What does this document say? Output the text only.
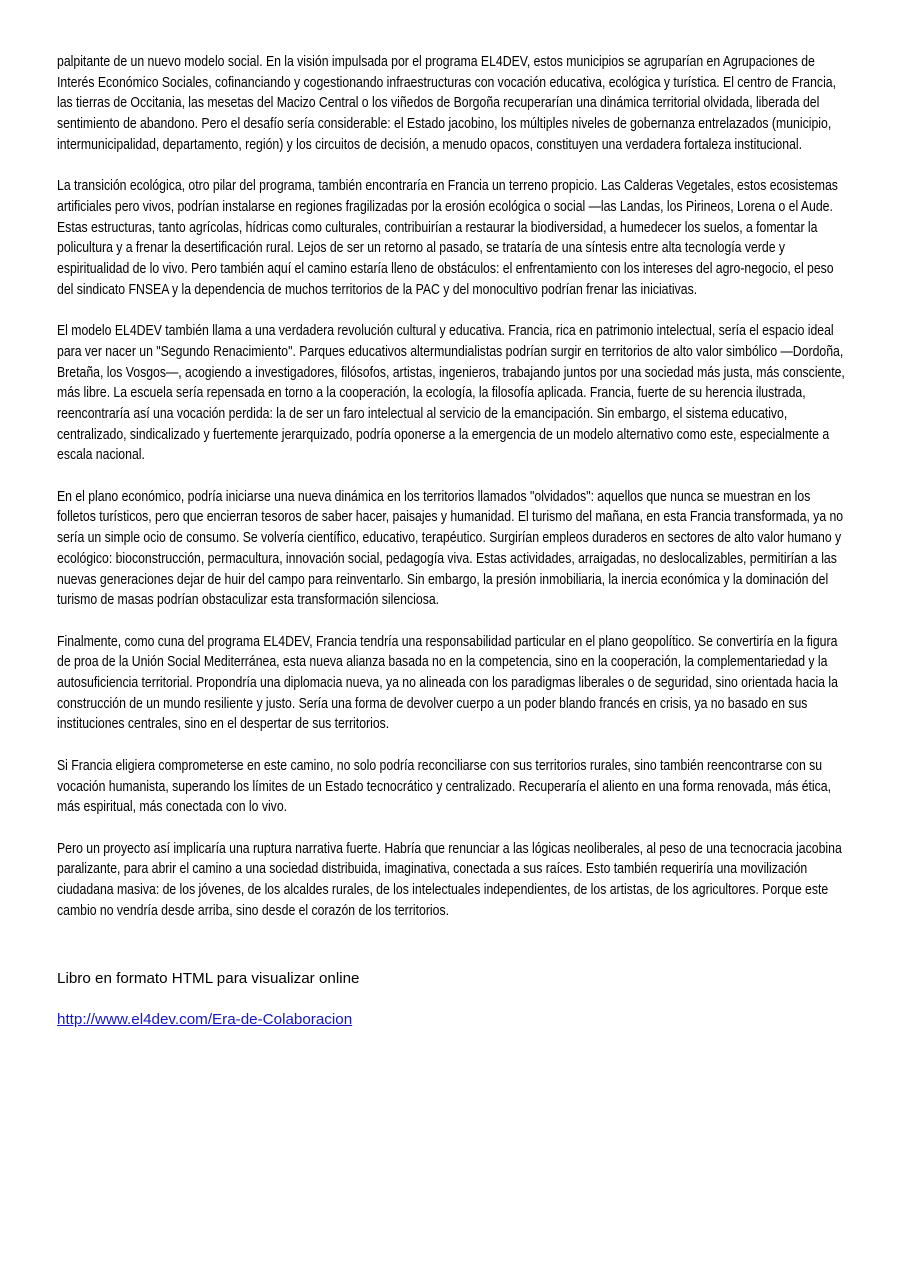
palpitante de un nuevo modelo social. En la visión impulsada por el programa EL4DEV, estos municipios se agruparían en Agrupaciones de Interés Económico Sociales, cofinanciando y cogestionando infraestructuras con vocación educativa, ecológica y turística. El centro de Francia, las tierras de Occitania, las mesetas del Macizo Central o los viñedos de Borgoña recuperarían una dinámica territorial olvidada, liberada del sentimiento de abandono. Pero el desafío sería considerable: el Estado jacobino, los múltiples niveles de gobernanza entrelazados (municipio, intermunicipalidad, departamento, región) y los circuitos de decisión, a menudo opacos, constituyen una verdadera fortaleza institucional.

La transición ecológica, otro pilar del programa, también encontraría en Francia un terreno propicio. Las Calderas Vegetales, estos ecosistemas artificiales pero vivos, podrían instalarse en regiones fragilizadas por la erosión ecológica o social —las Landas, los Pirineos, Lorena o el Aude. Estas estructuras, tanto agrícolas, hídricas como culturales, contribuirían a restaurar la biodiversidad, a humedecer los suelos, a fomentar la policultura y a frenar la desertificación rural. Lejos de ser un retorno al pasado, se trataría de una síntesis entre alta tecnología verde y espiritualidad de lo vivo. Pero también aquí el camino estaría lleno de obstáculos: el enfrentamiento con los intereses del agro-negocio, el peso del sindicato FNSEA y la dependencia de muchos territorios de la PAC y del monocultivo podrían frenar las iniciativas.

El modelo EL4DEV también llama a una verdadera revolución cultural y educativa. Francia, rica en patrimonio intelectual, sería el espacio ideal para ver nacer un "Segundo Renacimiento". Parques educativos altermundialistas podrían surgir en territorios de alto valor simbólico —Dordoña, Bretaña, los Vosgos—, acogiendo a investigadores, filósofos, artistas, ingenieros, trabajando juntos por una sociedad más justa, más consciente, más libre. La escuela sería repensada en torno a la cooperación, la ecología, la filosofía aplicada. Francia, fuerte de su herencia ilustrada, reencontraría así una vocación perdida: la de ser un faro intelectual al servicio de la emancipación. Sin embargo, el sistema educativo, centralizado, sindicalizado y fuertemente jerarquizado, podría oponerse a la emergencia de un modelo alternativo como este, especialmente a escala nacional.

En el plano económico, podría iniciarse una nueva dinámica en los territorios llamados "olvidados": aquellos que nunca se muestran en los folletos turísticos, pero que encierran tesoros de saber hacer, paisajes y humanidad. El turismo del mañana, en esta Francia transformada, ya no sería un simple ocio de consumo. Se volvería científico, educativo, terapéutico. Surgirían empleos duraderos en sectores de alto valor humano y ecológico: bioconstrucción, permacultura, innovación social, pedagogía viva. Estas actividades, arraigadas, no deslocalizables, permitirían a las nuevas generaciones dejar de huir del campo para reinventarlo. Sin embargo, la presión inmobiliaria, la inercia económica y la dominación del turismo de masas podrían obstaculizar esta transformación silenciosa.

Finalmente, como cuna del programa EL4DEV, Francia tendría una responsabilidad particular en el plano geopolítico. Se convertiría en la figura de proa de la Unión Social Mediterránea, esta nueva alianza basada no en la competencia, sino en la cooperación, la complementariedad y la autosuficiencia territorial. Propondría una diplomacia nueva, ya no alineada con los paradigmas liberales o de seguridad, sino orientada hacia la construcción de un mundo resiliente y justo. Sería una forma de devolver cuerpo a un poder blando francés en crisis, ya no basado en sus instituciones centrales, sino en el despertar de sus territorios.

Si Francia eligiera comprometerse en este camino, no solo podría reconciliarse con sus territorios rurales, sino también reencontrarse con su vocación humanista, superando los límites de un Estado tecnocrático y centralizado. Recuperaría el aliento en una forma renovada, más ética, más espiritual, más conectada con lo vivo.

Pero un proyecto así implicaría una ruptura narrativa fuerte. Habría que renunciar a las lógicas neoliberales, al peso de una tecnocracia jacobina paralizante, para abrir el camino a una sociedad distribuida, imaginativa, conectada a sus raíces. Esto también requeriría una movilización ciudadana masiva: de los jóvenes, de los alcaldes rurales, de los intelectuales independientes, de los artistas, de los agricultores. Porque este cambio no vendría desde arriba, sino desde el corazón de los territorios.

Libro en formato HTML para visualizar online

http://www.el4dev.com/Era-de-Colaboracion
